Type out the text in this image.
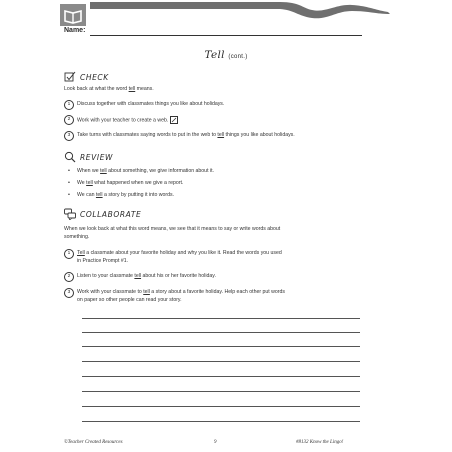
Name:
Tell (cont.)
CHECK
Look back at what the word tell means.
1	Discuss together with classmates things you like about holidays.
2	Work with your teacher to create a web.
3	Take turns with classmates saying words to put in the web to tell things you like about holidays.
REVIEW
• When we tell about something, we give information about it.
• We tell what happened when we give a report.
• We can tell a story by putting it into words.
COLLABORATE
When we look back at what this word means, we see that it means to say or write words about
something.
1	Tell a classmate about your favorite holiday and why you like it. Read the words you used
in Practice Prompt #1.
2	Listen to your classmate tell about his or her favorite holiday.
3	Work with your classmate to tell a story about a favorite holiday. Help each other put words
on paper so other people can read your story.
©Teacher Created Resources	9	#8132 Know the Lingo!
